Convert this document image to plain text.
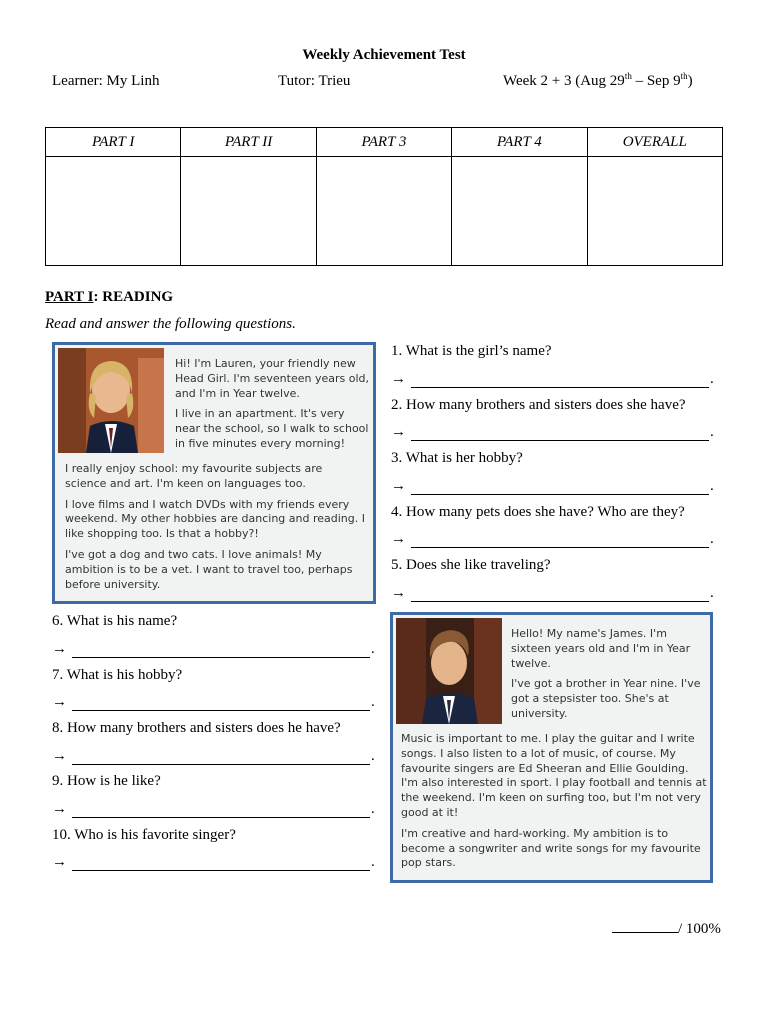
Weekly Achievement Test
Learner: My Linh	Tutor: Trieu	Week 2 + 3 (Aug 29th – Sep 9th)
PART I	PART II	PART 3	PART 4	OVERALL

PART I: READING
Read and answer the following questions.

Hi! I'm Lauren, your friendly new Head Girl. I'm seventeen years old, and I'm in Year twelve.

I live in an apartment. It's very near the school, so I walk to school in five minutes every morning!

I really enjoy school: my favourite subjects are science and art. I'm keen on languages too.

I love films and I watch DVDs with my friends every weekend. My other hobbies are dancing and reading. I like shopping too. Is that a hobby?!

I've got a dog and two cats. I love animals! My ambition is to be a vet. I want to travel too, perhaps before university.

1. What is the girl’s name?
→	.
2. How many brothers and sisters does she have?
→	.
3. What is her hobby?
→	.
4. How many pets does she have? Who are they?
→	.
5. Does she like traveling?
→	.
6. What is his name?
→	.
7. What is his hobby?
→	.
8. How many brothers and sisters does he have?
→	.
9. How is he like?
→	.
10. Who is his favorite singer?
→	.

Hello! My name's James. I'm sixteen years old and I'm in Year twelve.

I've got a brother in Year nine. I've got a stepsister too. She's at university.

Music is important to me. I play the guitar and I write songs. I also listen to a lot of music, of course. My favourite singers are Ed Sheeran and Ellie Goulding. I'm also interested in sport. I play football and tennis at the weekend. I'm keen on surfing too, but I'm not very good at it!

I'm creative and hard-working. My ambition is to become a songwriter and write songs for my favourite pop stars.

/ 100%
